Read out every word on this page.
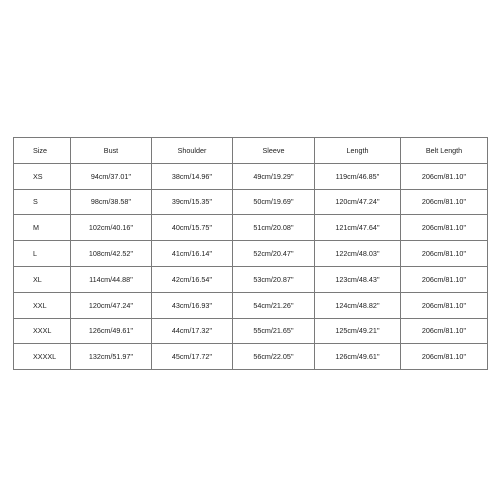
Size	Bust	Shoulder	Sleeve	Length	Belt Length
XS	94cm/37.01''	38cm/14.96''	49cm/19.29''	119cm/46.85''	206cm/81.10''
S	98cm/38.58''	39cm/15.35''	50cm/19.69''	120cm/47.24''	206cm/81.10''
M	102cm/40.16''	40cm/15.75''	51cm/20.08''	121cm/47.64''	206cm/81.10''
L	108cm/42.52''	41cm/16.14''	52cm/20.47''	122cm/48.03''	206cm/81.10''
XL	114cm/44.88''	42cm/16.54''	53cm/20.87''	123cm/48.43''	206cm/81.10''
XXL	120cm/47.24''	43cm/16.93''	54cm/21.26''	124cm/48.82''	206cm/81.10''
XXXL	126cm/49.61''	44cm/17.32''	55cm/21.65''	125cm/49.21''	206cm/81.10''
XXXXL	132cm/51.97''	45cm/17.72''	56cm/22.05''	126cm/49.61''	206cm/81.10''
